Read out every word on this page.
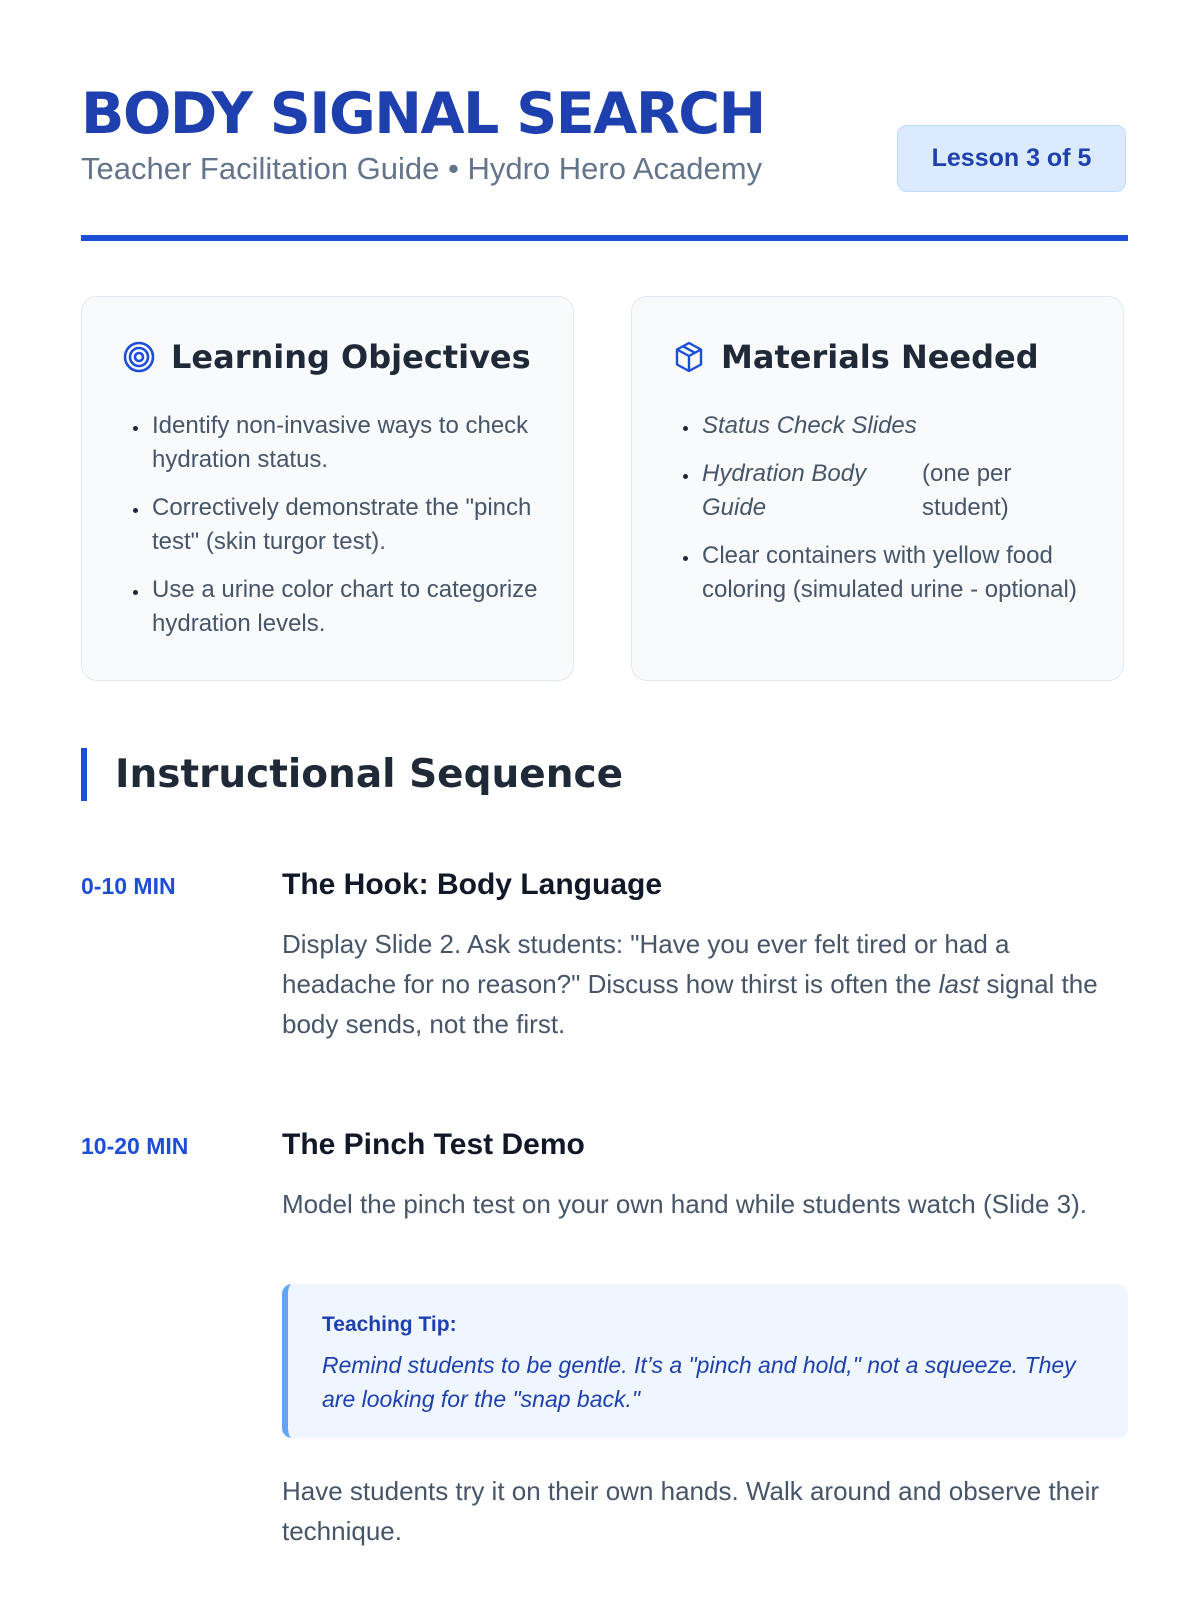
BODY SIGNAL SEARCH
Teacher Facilitation Guide • Hydro Hero Academy	Lesson 3 of 5
Learning Objectives
• Identify non-invasive ways to check hydration status.
• Correctively demonstrate the "pinch test" (skin turgor test).
• Use a urine color chart to categorize hydration levels.
Materials Needed
• Status Check Slides
• Hydration Body Guide
(one per student)
• Clear containers with yellow food coloring (simulated urine - optional)
Instructional Sequence
0-10 MIN	The Hook: Body Language

Display Slide 2. Ask students: "Have you ever felt tired or had a headache for no reason?" Discuss how thirst is often the last signal the body sends, not the first.

10-20 MIN	The Pinch Test Demo

Model the pinch test on your own hand while students watch (Slide 3).

Teaching Tip:
Remind students to be gentle. It’s a "pinch and hold," not a squeeze. They are looking for the "snap back."

Have students try it on their own hands. Walk around and observe their technique.
